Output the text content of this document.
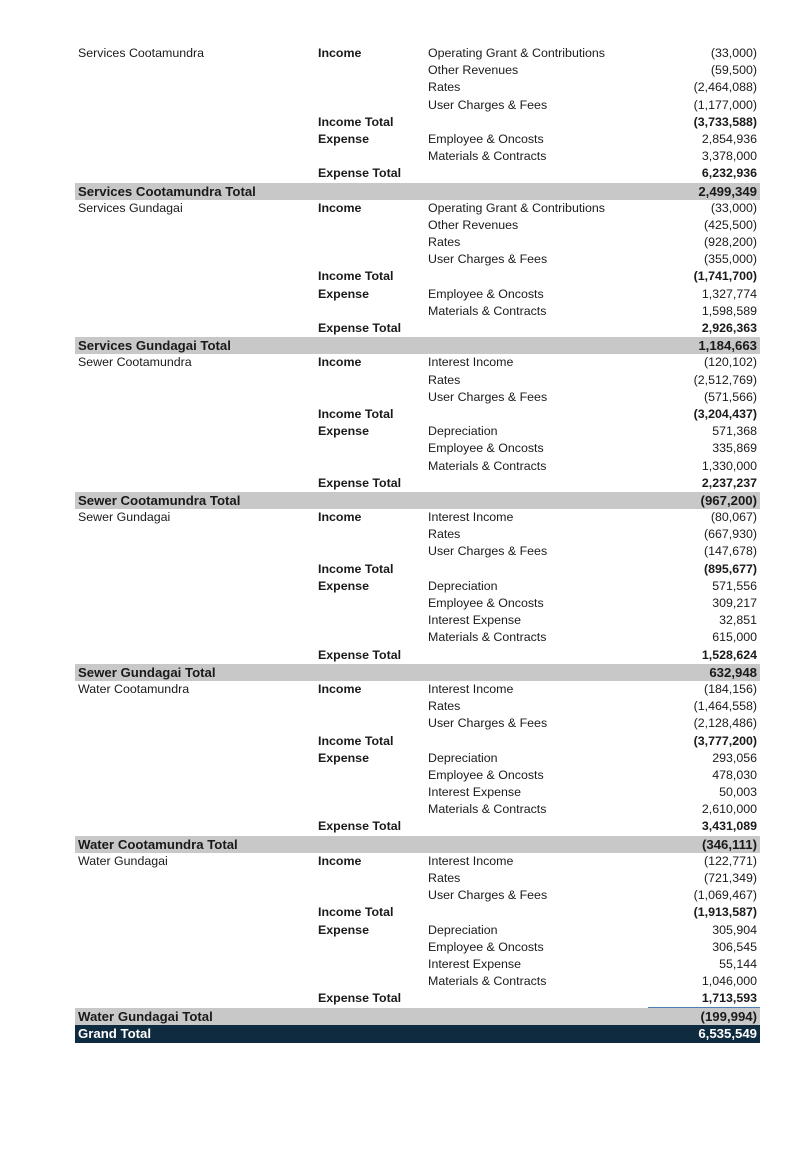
Services Cootamundra	Income	Operating Grant & Contributions	(33,000)
Other Revenues	(59,500)
Rates	(2,464,088)
User Charges & Fees	(1,177,000)
Income Total	(3,733,588)
Expense	Employee & Oncosts	2,854,936
Materials & Contracts	3,378,000
Expense Total	6,232,936
Services Cootamundra Total	2,499,349
Services Gundagai	Income	Operating Grant & Contributions	(33,000)
Other Revenues	(425,500)
Rates	(928,200)
User Charges & Fees	(355,000)
Income Total	(1,741,700)
Expense	Employee & Oncosts	1,327,774
Materials & Contracts	1,598,589
Expense Total	2,926,363
Services Gundagai Total	1,184,663
Sewer Cootamundra	Income	Interest Income	(120,102)
Rates	(2,512,769)
User Charges & Fees	(571,566)
Income Total	(3,204,437)
Expense	Depreciation	571,368
Employee & Oncosts	335,869
Materials & Contracts	1,330,000
Expense Total	2,237,237
Sewer Cootamundra Total	(967,200)
Sewer Gundagai	Income	Interest Income	(80,067)
Rates	(667,930)
User Charges & Fees	(147,678)
Income Total	(895,677)
Expense	Depreciation	571,556
Employee & Oncosts	309,217
Interest Expense	32,851
Materials & Contracts	615,000
Expense Total	1,528,624
Sewer Gundagai Total	632,948
Water Cootamundra	Income	Interest Income	(184,156)
Rates	(1,464,558)
User Charges & Fees	(2,128,486)
Income Total	(3,777,200)
Expense	Depreciation	293,056
Employee & Oncosts	478,030
Interest Expense	50,003
Materials & Contracts	2,610,000
Expense Total	3,431,089
Water Cootamundra Total	(346,111)
Water Gundagai	Income	Interest Income	(122,771)
Rates	(721,349)
User Charges & Fees	(1,069,467)
Income Total	(1,913,587)
Expense	Depreciation	305,904
Employee & Oncosts	306,545
Interest Expense	55,144
Materials & Contracts	1,046,000
Expense Total	1,713,593
Water Gundagai Total	(199,994)
Grand Total	6,535,549
